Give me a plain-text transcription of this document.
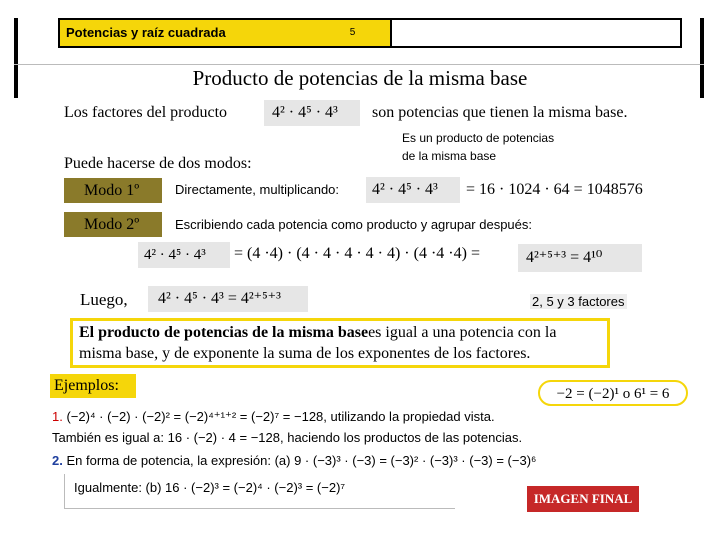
Potencias y raíz cuadrada	5
Producto de potencias de la misma base
Los factores del producto	4² · 4⁵ · 4³	son potencias que tienen la misma base.
Es un producto de potencias
de la misma base
Puede hacerse de dos modos:
Modo 1º	Directamente, multiplicando:	4² · 4⁵ · 4³	= 16 · 1024 · 64 = 1048576
Modo 2º	Escribiendo cada potencia como producto y agrupar después:
4² · 4⁵ · 4³	= (4 ·4) · (4 · 4 · 4 · 4 · 4) · (4 ·4 ·4) =	4²⁺⁵⁺³ = 4¹⁰
Luego,	4² · 4⁵ · 4³ = 4²⁺⁵⁺³	2, 5 y 3 factores
El producto de potencias de la misma basees igual a una potencia con la
misma base, y de exponente la suma de los exponentes de los factores.
Ejemplos:	−2 = (−2)¹ o 6¹ = 6
1. (−2)⁴ · (−2) · (−2)² = (−2)⁴⁺¹⁺² = (−2)⁷ = −128, utilizando la propiedad vista.
También es igual a: 16 · (−2) · 4 = −128, haciendo los productos de las potencias.
2. En forma de potencia, la expresión: (a) 9 · (−3)³ · (−3) = (−3)² · (−3)³ · (−3) = (−3)⁶
Igualmente: (b) 16 · (−2)³ = (−2)⁴ · (−2)³ = (−2)⁷
IMAGEN FINAL
